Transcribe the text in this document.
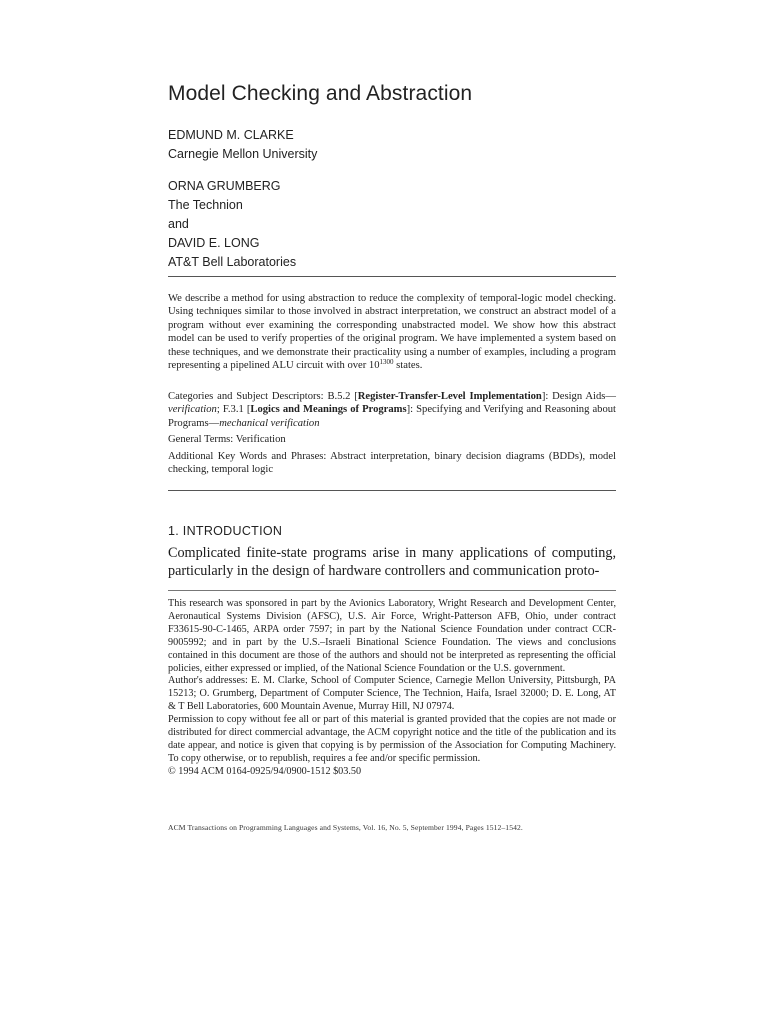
Model Checking and Abstraction
EDMUND M. CLARKE
Carnegie Mellon University
ORNA GRUMBERG
The Technion
and
DAVID E. LONG
AT&T Bell Laboratories

We describe a method for using abstraction to reduce the complexity of temporal-logic model checking. Using techniques similar to those involved in abstract interpretation, we construct an abstract model of a program without ever examining the corresponding unabstracted model. We show how this abstract model can be used to verify properties of the original program. We have implemented a system based on these techniques, and we demonstrate their practicality using a number of examples, including a program representing a pipelined ALU circuit with over $10^{1300}$ states.

Categories and Subject Descriptors: B.5.2 [Register-Transfer-Level Implementation]: Design Aids—verification; F.3.1 [Logics and Meanings of Programs]: Specifying and Verifying and Reasoning about Programs—mechanical verification

General Terms: Verification
Additional Key Words and Phrases: Abstract interpretation, binary decision diagrams (BDDs), model checking, temporal logic
1. INTRODUCTION
Complicated finite-state programs arise in many applications of computing, particularly in the design of hardware controllers and communication proto-

This research was sponsored in part by the Avionics Laboratory, Wright Research and Development Center, Aeronautical Systems Division (AFSC), U.S. Air Force, Wright-Patterson AFB, Ohio, under contract F33615-90-C-1465, ARPA order 7597; in part by the National Science Foundation under contract CCR-9005992; and in part by the U.S.–Israeli Binational Science Foundation. The views and conclusions contained in this document are those of the authors and should not be interpreted as representing the official policies, either expressed or implied, of the National Science Foundation or the U.S. government.

Author's addresses: E. M. Clarke, School of Computer Science, Carnegie Mellon University, Pittsburgh, PA 15213; O. Grumberg, Department of Computer Science, The Technion, Haifa, Israel 32000; D. E. Long, AT & T Bell Laboratories, 600 Mountain Avenue, Murray Hill, NJ 07974.

Permission to copy without fee all or part of this material is granted provided that the copies are not made or distributed for direct commercial advantage, the ACM copyright notice and the title of the publication and its date appear, and notice is given that copying is by permission of the Association for Computing Machinery. To copy otherwise, or to republish, requires a fee and/or specific permission.

© 1994 ACM 0164-0925/94/0900-1512 $03.50

ACM Transactions on Programming Languages and Systems, Vol. 16, No. 5, September 1994, Pages 1512–1542.
